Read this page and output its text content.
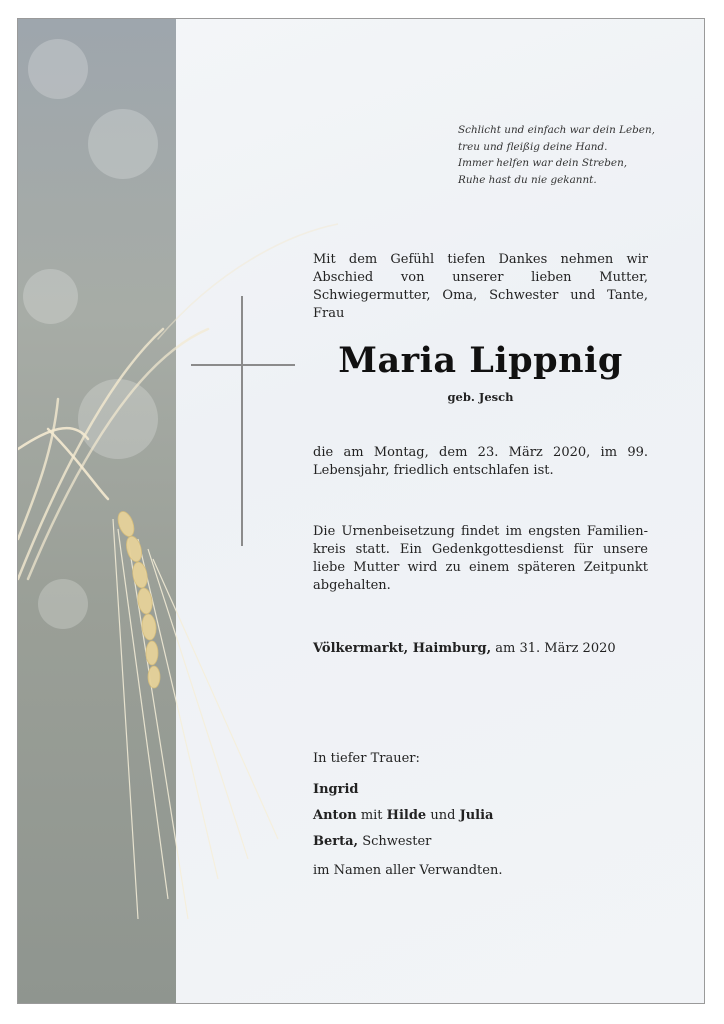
Schlicht und einfach war dein Leben,
treu und fleißig deine Hand.
Immer helfen war dein Streben,
Ruhe hast du nie gekannt.
Mit dem Gefühl tiefen Dankes nehmen wir Abschied von unserer lieben Mutter, Schwiegermutter, Oma, Schwester und Tante, Frau
Maria Lippnig
geb. Jesch
die am Montag, dem 23. März 2020, im 99. Lebensjahr, friedlich entschlafen ist.
Die Urnenbeisetzung findet im engsten Familienkreis statt. Ein Gedenkgottesdienst für unsere liebe Mutter wird zu einem späteren Zeitpunkt abgehalten.
Völkermarkt, Haimburg, am 31. März 2020
In tiefer Trauer:
Ingrid
Anton mit Hilde und Julia
Berta, Schwester
im Namen aller Verwandten.
